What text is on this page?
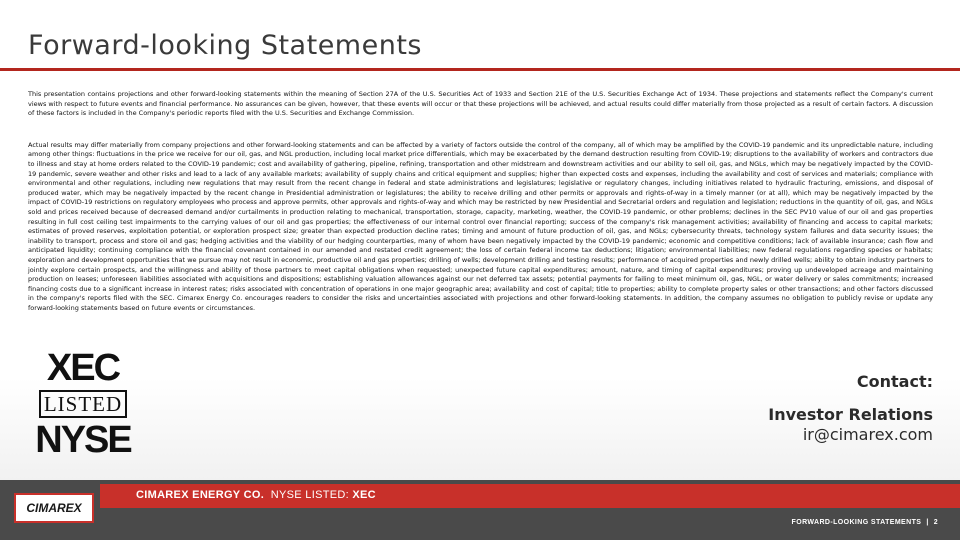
Forward-looking Statements

This presentation contains projections and other forward-looking statements within the meaning of Section 27A of the U.S. Securities Act of 1933 and Section 21E of the U.S. Securities Exchange Act of 1934. These projections and statements reflect the Company's current views with respect to future events and financial performance. No assurances can be given, however, that these events will occur or that these projections will be achieved, and actual results could differ materially from those projected as a result of certain factors. A discussion of these factors is included in the Company's periodic reports filed with the U.S. Securities and Exchange Commission.

Actual results may differ materially from company projections and other forward-looking statements and can be affected by a variety of factors outside the control of the company, all of which may be amplified by the COVID-19 pandemic and its unpredictable nature, including among other things: fluctuations in the price we receive for our oil, gas, and NGL production, including local market price differentials, which may be exacerbated by the demand destruction resulting from COVID-19; disruptions to the availability of workers and contractors due to illness and stay at home orders related to the COVID-19 pandemic; cost and availability of gathering, pipeline, refining, transportation and other midstream and downstream activities and our ability to sell oil, gas, and NGLs, which may be negatively impacted by the COVID-19 pandemic, severe weather and other risks and lead to a lack of any available markets; availability of supply chains and critical equipment and supplies; higher than expected costs and expenses, including the availability and cost of services and materials; compliance with environmental and other regulations, including new regulations that may result from the recent change in federal and state administrations and legislatures; legislative or regulatory changes, including initiatives related to hydraulic fracturing, emissions, and disposal of produced water, which may be negatively impacted by the recent change in Presidential administration or legislatures; the ability to receive drilling and other permits or approvals and rights-of-way in a timely manner (or at all), which may be negatively impacted by the impact of COVID-19 restrictions on regulatory employees who process and approve permits, other approvals and rights-of-way and which may be restricted by new Presidential and Secretarial orders and regulation and legislation; reductions in the quantity of oil, gas, and NGLs sold and prices received because of decreased demand and/or curtailments in production relating to mechanical, transportation, storage, capacity, marketing, weather, the COVID-19 pandemic, or other problems; declines in the SEC PV10 value of our oil and gas properties resulting in full cost ceiling test impairments to the carrying values of our oil and gas properties; the effectiveness of our internal control over financial reporting; success of the company's risk management activities; availability of financing and access to capital markets; estimates of proved reserves, exploitation potential, or exploration prospect size; greater than expected production decline rates; timing and amount of future production of oil, gas, and NGLs; cybersecurity threats, technology system failures and data security issues; the inability to transport, process and store oil and gas; hedging activities and the viability of our hedging counterparties, many of whom have been negatively impacted by the COVID-19 pandemic; economic and competitive conditions; lack of available insurance; cash flow and anticipated liquidity; continuing compliance with the financial covenant contained in our amended and restated credit agreement; the loss of certain federal income tax deductions; litigation; environmental liabilities; new federal regulations regarding species or habitats; exploration and development opportunities that we pursue may not result in economic, productive oil and gas properties; drilling of wells; development drilling and testing results; performance of acquired properties and newly drilled wells; ability to obtain industry partners to jointly explore certain prospects, and the willingness and ability of those partners to meet capital obligations when requested; unexpected future capital expenditures; amount, nature, and timing of capital expenditures; proving up undeveloped acreage and maintaining production on leases; unforeseen liabilities associated with acquisitions and dispositions; establishing valuation allowances against our net deferred tax assets; potential payments for failing to meet minimum oil, gas, NGL, or water delivery or sales commitments; increased financing costs due to a significant increase in interest rates; risks associated with concentration of operations in one major geographic area; availability and cost of capital; title to properties; ability to complete property sales or other transactions; and other factors discussed in the company's reports filed with the SEC. Cimarex Energy Co. encourages readers to consider the risks and uncertainties associated with projections and other forward-looking statements. In addition, the company assumes no obligation to publicly revise or update any forward-looking statements based on future events or circumstances.

XEC
LISTED
NYSE
Contact:
Investor Relations
ir@cimarex.com
CIMAREX ENERGY CO. NYSE LISTED: XEC
CIMAREX
FORWARD-LOOKING STATEMENTS | 2
